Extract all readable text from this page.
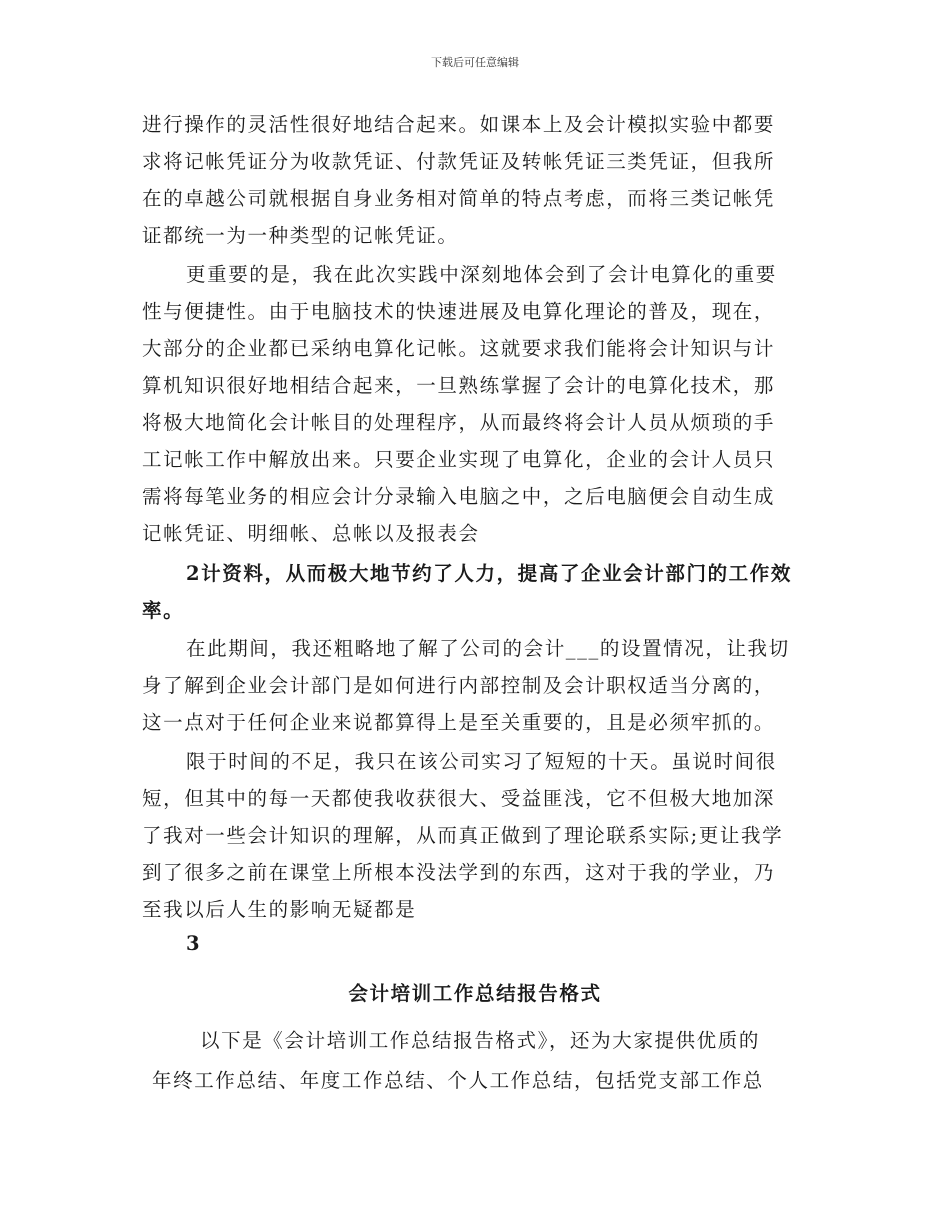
下载后可任意编辑
进行操作的灵活性很好地结合起来。如课本上及会计模拟实验中都要
求将记帐凭证分为收款凭证、付款凭证及转帐凭证三类凭证，但我所
在的卓越公司就根据自身业务相对简单的特点考虑，而将三类记帐凭
证都统一为一种类型的记帐凭证。
更重要的是，我在此次实践中深刻地体会到了会计电算化的重要
性与便捷性。由于电脑技术的快速进展及电算化理论的普及，现在，
大部分的企业都已采纳电算化记帐。这就要求我们能将会计知识与计
算机知识很好地相结合起来，一旦熟练掌握了会计的电算化技术，那
将极大地简化会计帐目的处理程序，从而最终将会计人员从烦琐的手
工记帐工作中解放出来。只要企业实现了电算化，企业的会计人员只
需将每笔业务的相应会计分录输入电脑之中，之后电脑便会自动生成
记帐凭证、明细帐、总帐以及报表会
2计资料，从而极大地节约了人力，提高了企业会计部门的工作效
率。
在此期间，我还粗略地了解了公司的会计___的设置情况，让我切
身了解到企业会计部门是如何进行内部控制及会计职权适当分离的，
这一点对于任何企业来说都算得上是至关重要的，且是必须牢抓的。
限于时间的不足，我只在该公司实习了短短的十天。虽说时间很
短，但其中的每一天都使我收获很大、受益匪浅，它不但极大地加深
了我对一些会计知识的理解，从而真正做到了理论联系实际;更让我学
到了很多之前在课堂上所根本没法学到的东西，这对于我的学业，乃
至我以后人生的影响无疑都是
3
会计培训工作总结报告格式
以下是《会计培训工作总结报告格式》，还为大家提供优质的
年终工作总结、年度工作总结、个人工作总结，包括党支部工作总
